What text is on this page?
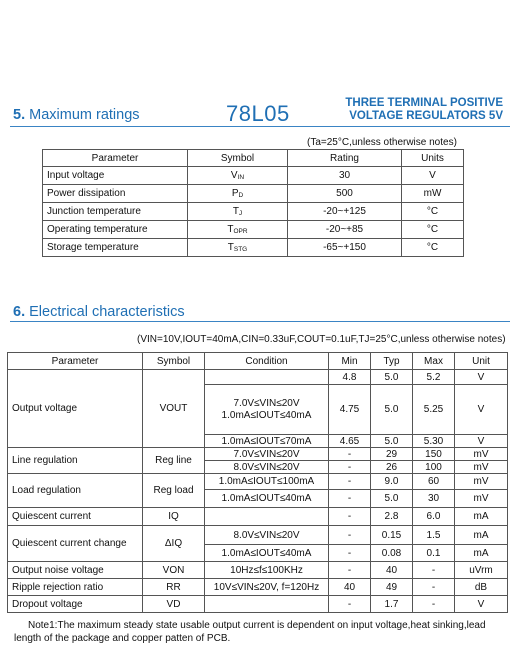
5. Maximum ratings	78L05	THREE TERMINAL POSITIVE
VOLTAGE REGULATORS 5V
(Ta=25°C,unless otherwise notes)
Parameter	Symbol	Rating	Units
Input voltage	VIN	30	V
Power dissipation	PD	500	mW
Junction temperature	TJ	-20~+125	°C
Operating temperature	TOPR	-20~+85	°C
Storage temperature	TSTG	-65~+150	°C
6. Electrical characteristics
(VIN=10V,IOUT=40mA,CIN=0.33uF,COUT=0.1uF,TJ=25°C,unless otherwise notes)
Parameter	Symbol	Condition	Min	Typ	Max	Unit
Output voltage	VOUT		4.8	5.0	5.2	V

		7.0V≤VIN≤20V
1.0mA≤IOUT≤40mA	4.75	5.0	5.25	V
		1.0mA≤IOUT≤70mA	4.65	5.0	5.30	V
Line regulation	Reg line	7.0V≤VIN≤20V	-	29	150	mV
		8.0V≤VIN≤20V	-	26	100	mV
Load regulation	Reg load	1.0mA≤IOUT≤100mA	-	9.0	60	mV
		1.0mA≤IOUT≤40mA	-	5.0	30	mV
Quiescent current	IQ		-	2.8	6.0	mA
Quiescent current change	ΔIQ	8.0V≤VIN≤20V	-	0.15	1.5	mA
		1.0mA≤IOUT≤40mA	-	0.08	0.1	mA
Output noise voltage	VON	10Hz≤f≤100KHz	-	40	-	uVrm
Ripple rejection ratio	RR	10V≤VIN≤20V, f=120Hz	40	49	-	dB
Dropout voltage	VD		-	1.7	-	V
Note1:The maximum steady state usable output current is dependent on input voltage,heat sinking,lead length of the package and copper patten of PCB.
